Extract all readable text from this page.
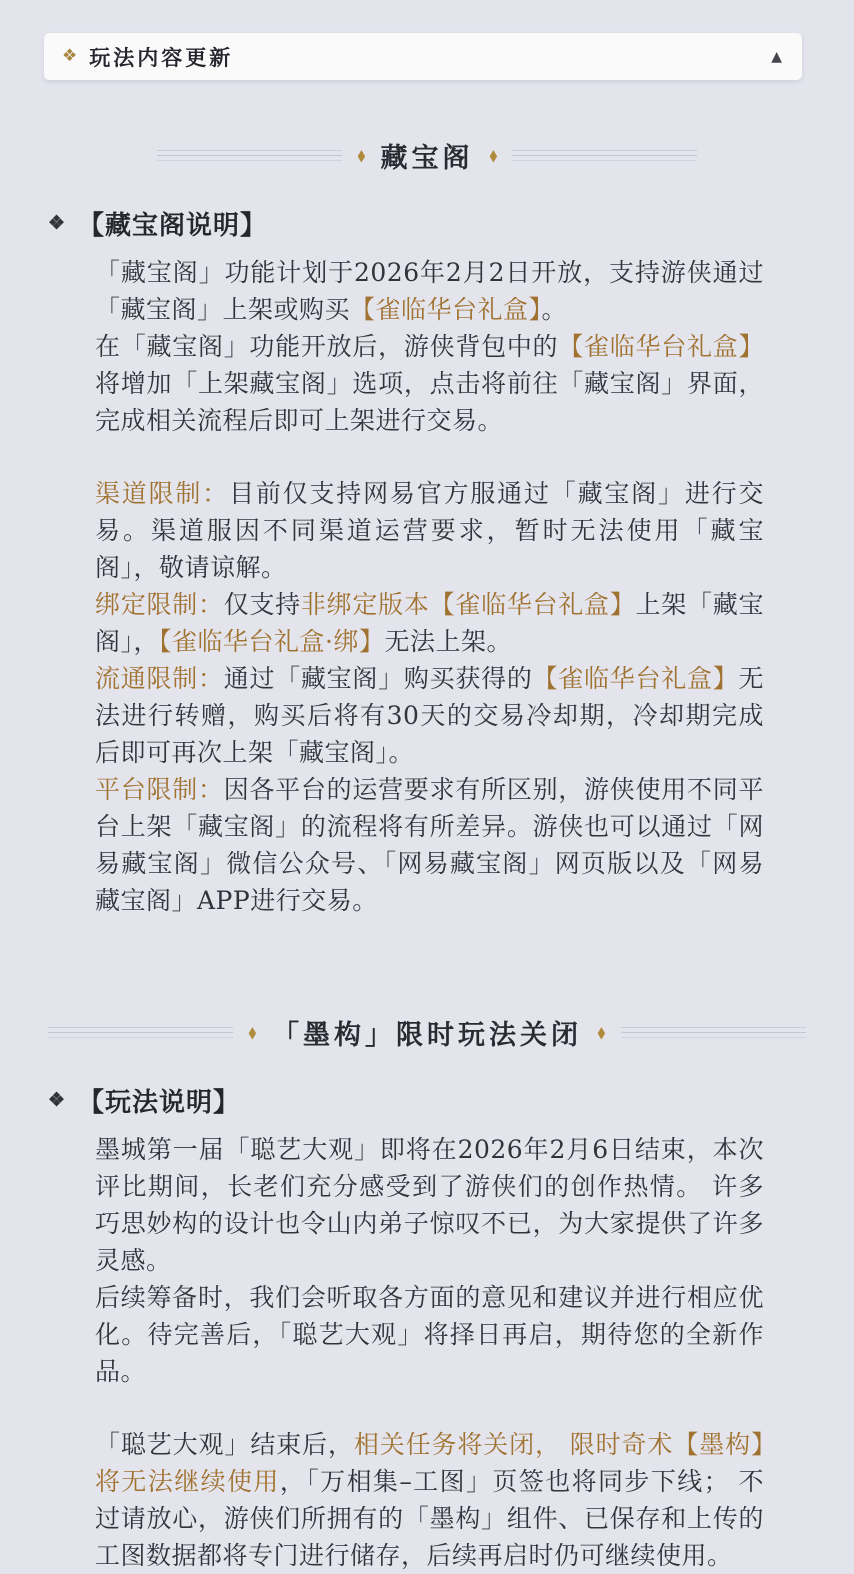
❖ 玩法内容更新	▲
◆ 藏宝阁 ◆
❖ 【藏宝阁说明】

「藏宝阁」功能计划于2026年2月2日开放，支持游侠通过「藏宝阁」上架或购买【雀临华台礼盒】。

在「藏宝阁」功能开放后，游侠背包中的【雀临华台礼盒】将增加「上架藏宝阁」选项，点击将前往「藏宝阁」界面，完成相关流程后即可上架进行交易。

渠道限制：目前仅支持网易官方服通过「藏宝阁」进行交易。渠道服因不同渠道运营要求，暂时无法使用「藏宝阁」，敬请谅解。

绑定限制：仅支持非绑定版本【雀临华台礼盒】上架「藏宝阁」，【雀临华台礼盒·绑】无法上架。

流通限制：通过「藏宝阁」购买获得的【雀临华台礼盒】无法进行转赠，购买后将有30天的交易冷却期，冷却期完成后即可再次上架「藏宝阁」。

平台限制：因各平台的运营要求有所区别，游侠使用不同平台上架「藏宝阁」的流程将有所差异。游侠也可以通过「网易藏宝阁」微信公众号、「网易藏宝阁」网页版以及「网易藏宝阁」APP进行交易。

◆ 「墨构」限时玩法关闭 ◆
❖ 【玩法说明】

墨城第一届「聪艺大观」即将在2026年2月6日结束，本次评比期间，长老们充分感受到了游侠们的创作热情。 许多巧思妙构的设计也令山内弟子惊叹不已，为大家提供了许多灵感。

后续筹备时，我们会听取各方面的意见和建议并进行相应优化。待完善后，「聪艺大观」将择日再启，期待您的全新作品。

「聪艺大观」结束后，相关任务将关闭， 限时奇术【墨构】将无法继续使用，「万相集–工图」页签也将同步下线； 不过请放心，游侠们所拥有的「墨构」组件、已保存和上传的工图数据都将专门进行储存，后续再启时仍可继续使用。
